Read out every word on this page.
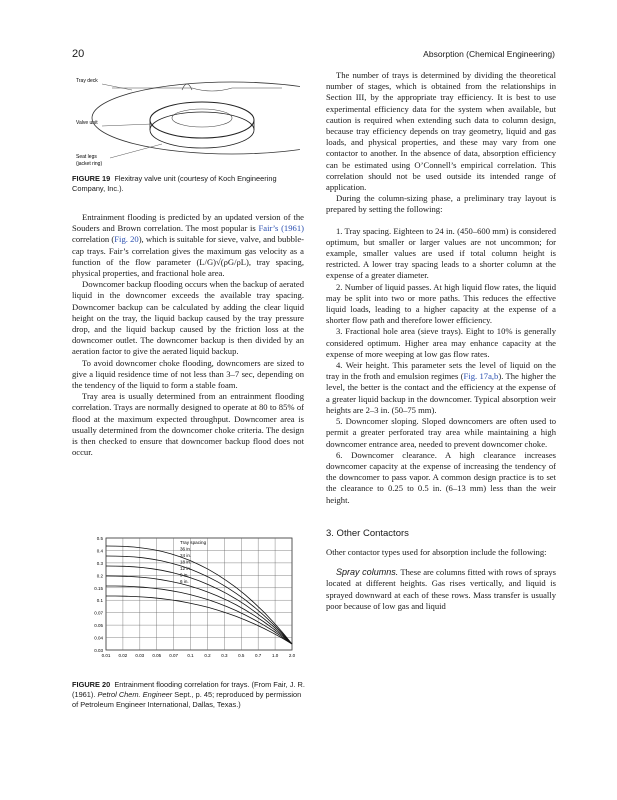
20	Absorption (Chemical Engineering)
Tray deck
Valve unit
Seat legs
(jacket ring)
FIGURE 19 Flexitray valve unit (courtesy of Koch Engineering Company, Inc.).

Entrainment flooding is predicted by an updated version of the Souders and Brown correlation. The most popular is Fair’s (1961) correlation (Fig. 20), which is suitable for sieve, valve, and bubble-cap trays. Fair’s correlation gives the maximum gas velocity as a function of the flow parameter (L/G)√(ρG/ρL), tray spacing, physical properties, and fractional hole area.

Downcomer backup flooding occurs when the backup of aerated liquid in the downcomer exceeds the available tray spacing. Downcomer backup can be calculated by adding the clear liquid height on the tray, the liquid backup caused by the tray pressure drop, and the liquid backup caused by the friction loss at the downcomer outlet. The downcomer backup is then divided by an aeration factor to give the aerated liquid backup.

To avoid downcomer choke flooding, downcomers are sized to give a liquid residence time of not less than 3–7 sec, depending on the tendency of the liquid to form a stable foam.

Tray area is usually determined from an entrainment flooding correlation. Trays are normally designed to operate at 80 to 85% of flood at the maximum expected throughput. Downcomer area is usually determined from the downcomer choke criteria. The design is then checked to ensure that downcomer backup flood does not occur.

0.5
0.4
0.3
0.2
0.15
0.1
0.07
0.05
0.04
0.03
0.01 0.02 0.03 0.05 0.07 0.1 0.2 0.3 0.5 0.7 1.0 2.0
Tray spacing
36 in.
24 in.
18 in.
12 in.
9 in.
6 in.
FIGURE 20 Entrainment flooding correlation for trays. (From Fair, J. R. (1961). Petrol Chem. Engineer Sept., p. 45; reproduced by permission of Petroleum Engineer International, Dallas, Texas.)

The number of trays is determined by dividing the theoretical number of stages, which is obtained from the relationships in Section III, by the appropriate tray efficiency. It is best to use experimental efficiency data for the system when available, but caution is required when extending such data to column design, because tray efficiency depends on tray geometry, liquid and gas loads, and physical properties, and these may vary from one contactor to another. In the absence of data, absorption efficiency can be estimated using O’Connell’s empirical correlation. This correlation should not be used outside its intended range of application.

During the column-sizing phase, a preliminary tray layout is prepared by setting the following:

1. Tray spacing. Eighteen to 24 in. (450–600 mm) is considered optimum, but smaller or larger values are not uncommon; for example, smaller values are used if total column height is restricted. A lower tray spacing leads to a shorter column at the expense of a greater diameter.

2. Number of liquid passes. At high liquid flow rates, the liquid may be split into two or more paths. This reduces the effective liquid loads, leading to a higher capacity at the expense of a shorter flow path and therefore lower efficiency.

3. Fractional hole area (sieve trays). Eight to 10% is generally considered optimum. Higher area may enhance capacity at the expense of more weeping at low gas flow rates.

4. Weir height. This parameter sets the level of liquid on the tray in the froth and emulsion regimes (Fig. 17a,b). The higher the level, the better is the contact and the efficiency at the expense of a greater liquid backup in the downcomer. Typical absorption weir heights are 2–3 in. (50–75 mm).

5. Downcomer sloping. Sloped downcomers are often used to permit a greater perforated tray area while maintaining a high downcomer entrance area, needed to prevent downcomer choke.

6. Downcomer clearance. A high clearance increases downcomer capacity at the expense of increasing the tendency of the downcomer to pass vapor. A common design practice is to set the clearance to 0.25 to 0.5 in. (6–13 mm) less than the weir height.

3. Other Contactors

Other contactor types used for absorption include the following:

Spray columns. These are columns fitted with rows of sprays located at different heights. Gas rises vertically, and liquid is sprayed downward at each of these rows. Mass transfer is usually poor because of low gas and liquid
